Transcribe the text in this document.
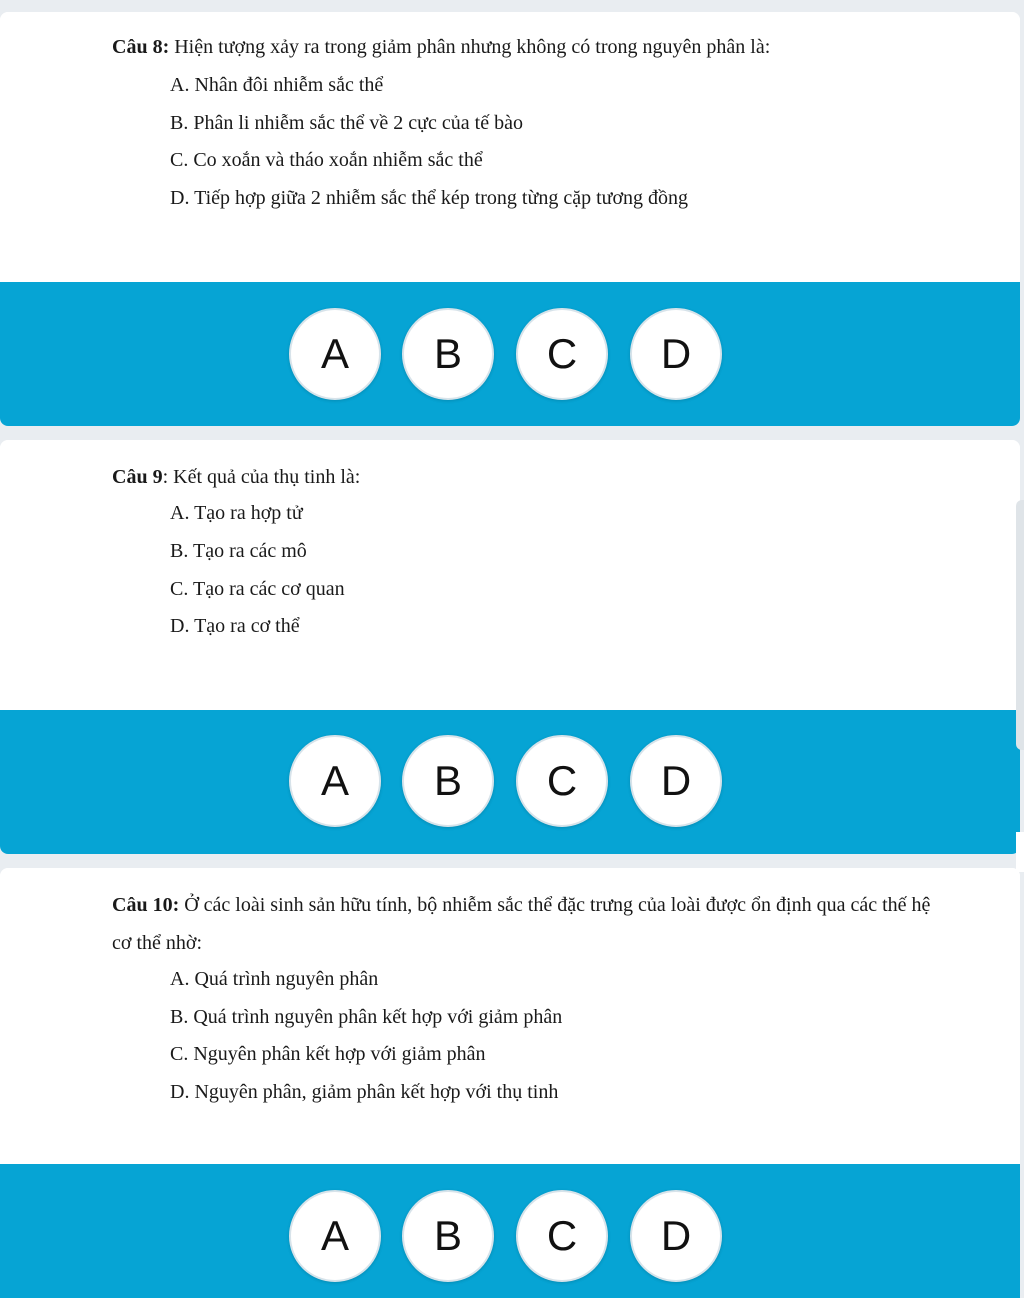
Câu 8: Hiện tượng xảy ra trong giảm phân nhưng không có trong nguyên phân là:
A. Nhân đôi nhiễm sắc thể
B. Phân li nhiễm sắc thể về 2 cực của tế bào
C. Co xoắn và tháo xoắn nhiễm sắc thể
D. Tiếp hợp giữa 2 nhiễm sắc thể kép trong từng cặp tương đồng
A	B	C	D
Câu 9: Kết quả của thụ tinh là:
A. Tạo ra hợp tử
B. Tạo ra các mô
C. Tạo ra các cơ quan
D. Tạo ra cơ thể
A	B	C	D
Câu 10: Ở các loài sinh sản hữu tính, bộ nhiễm sắc thể đặc trưng của loài được ổn định qua các thế hệ cơ thể nhờ:
A. Quá trình nguyên phân
B. Quá trình nguyên phân kết hợp với giảm phân
C. Nguyên phân kết hợp với giảm phân
D. Nguyên phân, giảm phân kết hợp với thụ tinh
A	B	C	D
